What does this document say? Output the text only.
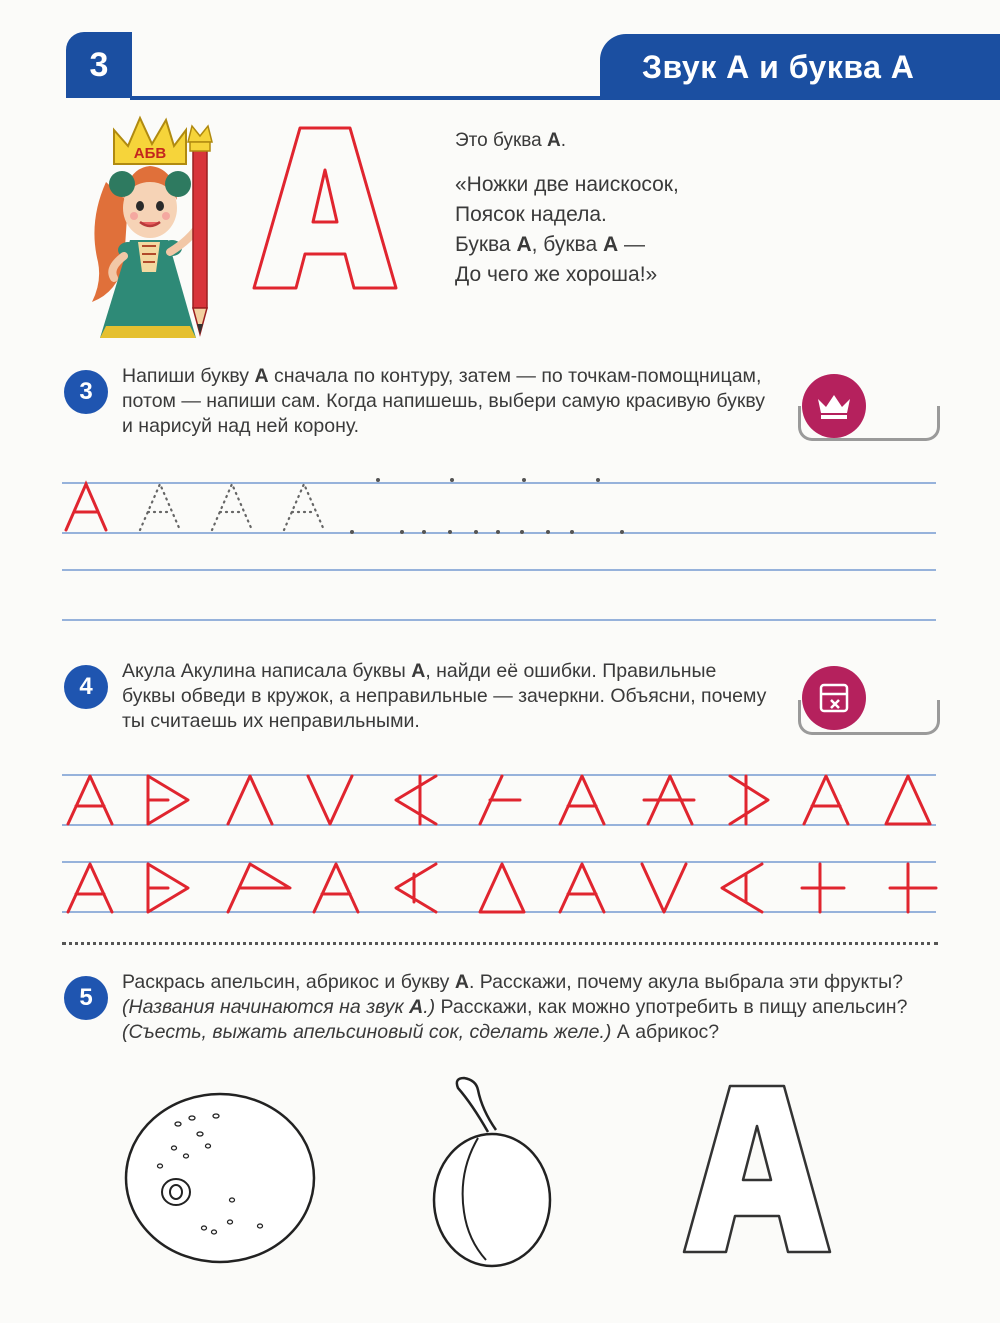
3	Звук А и буква А
АБВ
Это буква А.
«Ножки две наискосок,
Поясок надела.
Буква А, буква А —
До чего же хороша!»
3
Напиши букву А сначала по контуру, затем — по точкам-помощницам, потом — напиши сам. Когда напишешь, выбери самую красивую букву и нарисуй над ней корону.
4
Акула Акулина написала буквы А, найди её ошибки. Правильные буквы обведи в кружок, а неправильные — зачеркни. Объясни, почему ты считаешь их неправильными.
5
Раскрась апельсин, абрикос и букву А. Расскажи, почему акула выбрала эти фрукты? (Названия начинаются на звук А.) Расскажи, как можно употребить в пищу апельсин? (Съесть, выжать апельсиновый сок, сделать желе.) А абрикос?
